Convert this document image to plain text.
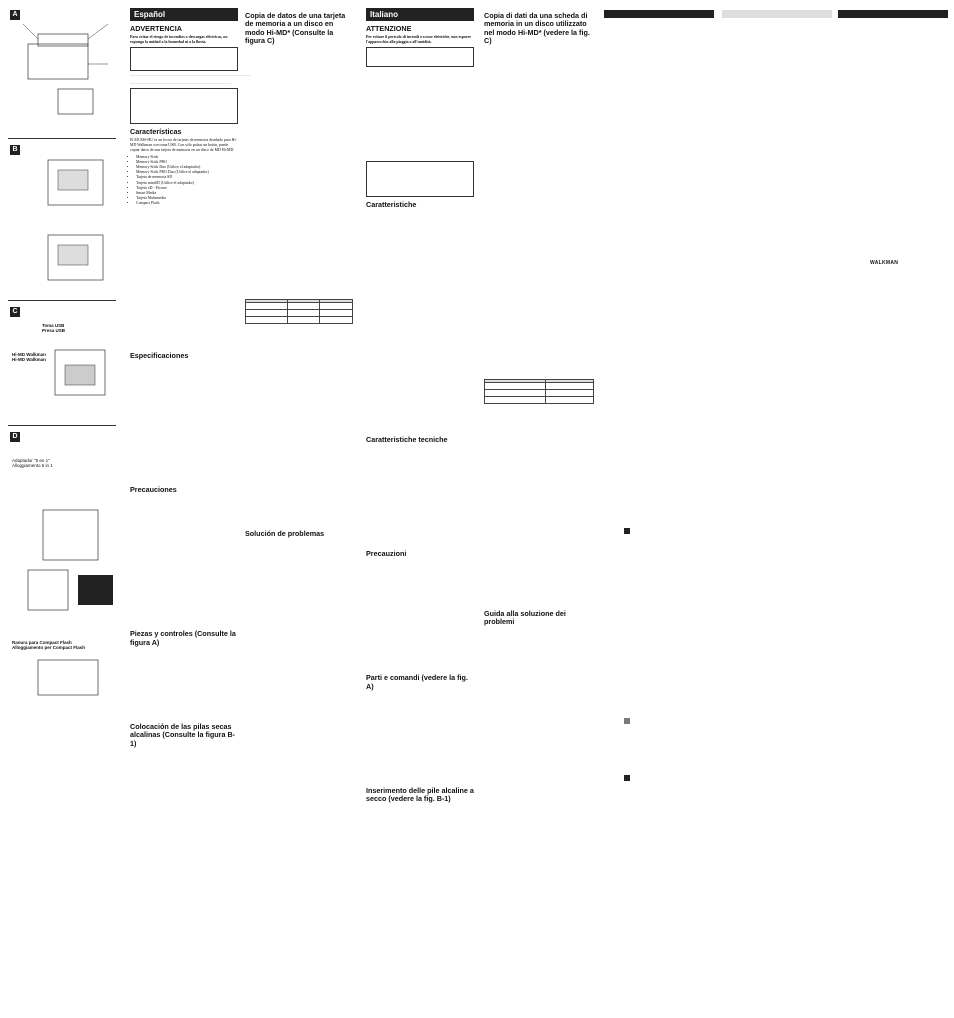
A
B
C
Toma USB
Presa USB
Hi-MD Walkman
Hi-MD Walkman
D
Adaptador "5 en 1"
Alloggiamento 5 in 1
Ranura para Compact Flash
Alloggiamento per Compact Flash
Español
ADVERTENCIA

Para evitar el riesgo de incendios o descargas eléctricas, no exponga la unidad a la humedad ni a la lluvia.

———————————————————————————————

——————————————————————————

Características

El MCMS-HU es un lector de tarjetas de memoria diseñado para Hi-MD Walkman con toma USB. Con sólo pulsar un botón, puede copiar datos de una tarjeta de memoria en un disco de MD Hi-MD.

• Memory Stick
• Memory Stick PRO
• Memory Stick Duo (Utilice el adaptador)
• Memory Stick PRO Duo (Utilice el adaptador)
• Tarjeta de memoria SD
• Tarjeta miniSD (Utilice el adaptador)
• Tarjeta xD - Picture
• Smart Media
• Tarjeta Multimedia
• Compact Flash
Especificaciones
Precauciones
Piezas y controles (Consulte la figura A)
Colocación de las pilas secas alcalinas (Consulte la figura B-1)
Copia de datos de una tarjeta de memoria a un disco en modo Hi-MD* (Consulte la figura C)

Solución de problemas
Italiano
ATTENZIONE

Per evitare il pericolo di incendi o scosse elettriche, non esporre l'apparecchio alla pioggia o all'umidità.

Caratteristiche
Caratteristiche tecniche
Precauzioni
Parti e comandi (vedere la fig. A)
Inserimento delle pile alcaline a secco (vedere la fig. B-1)
Copia di dati da una scheda di memoria in un disco utilizzato nel modo Hi-MD* (vedere la fig. C)

Guida alla soluzione dei problemi
WALKMAN
